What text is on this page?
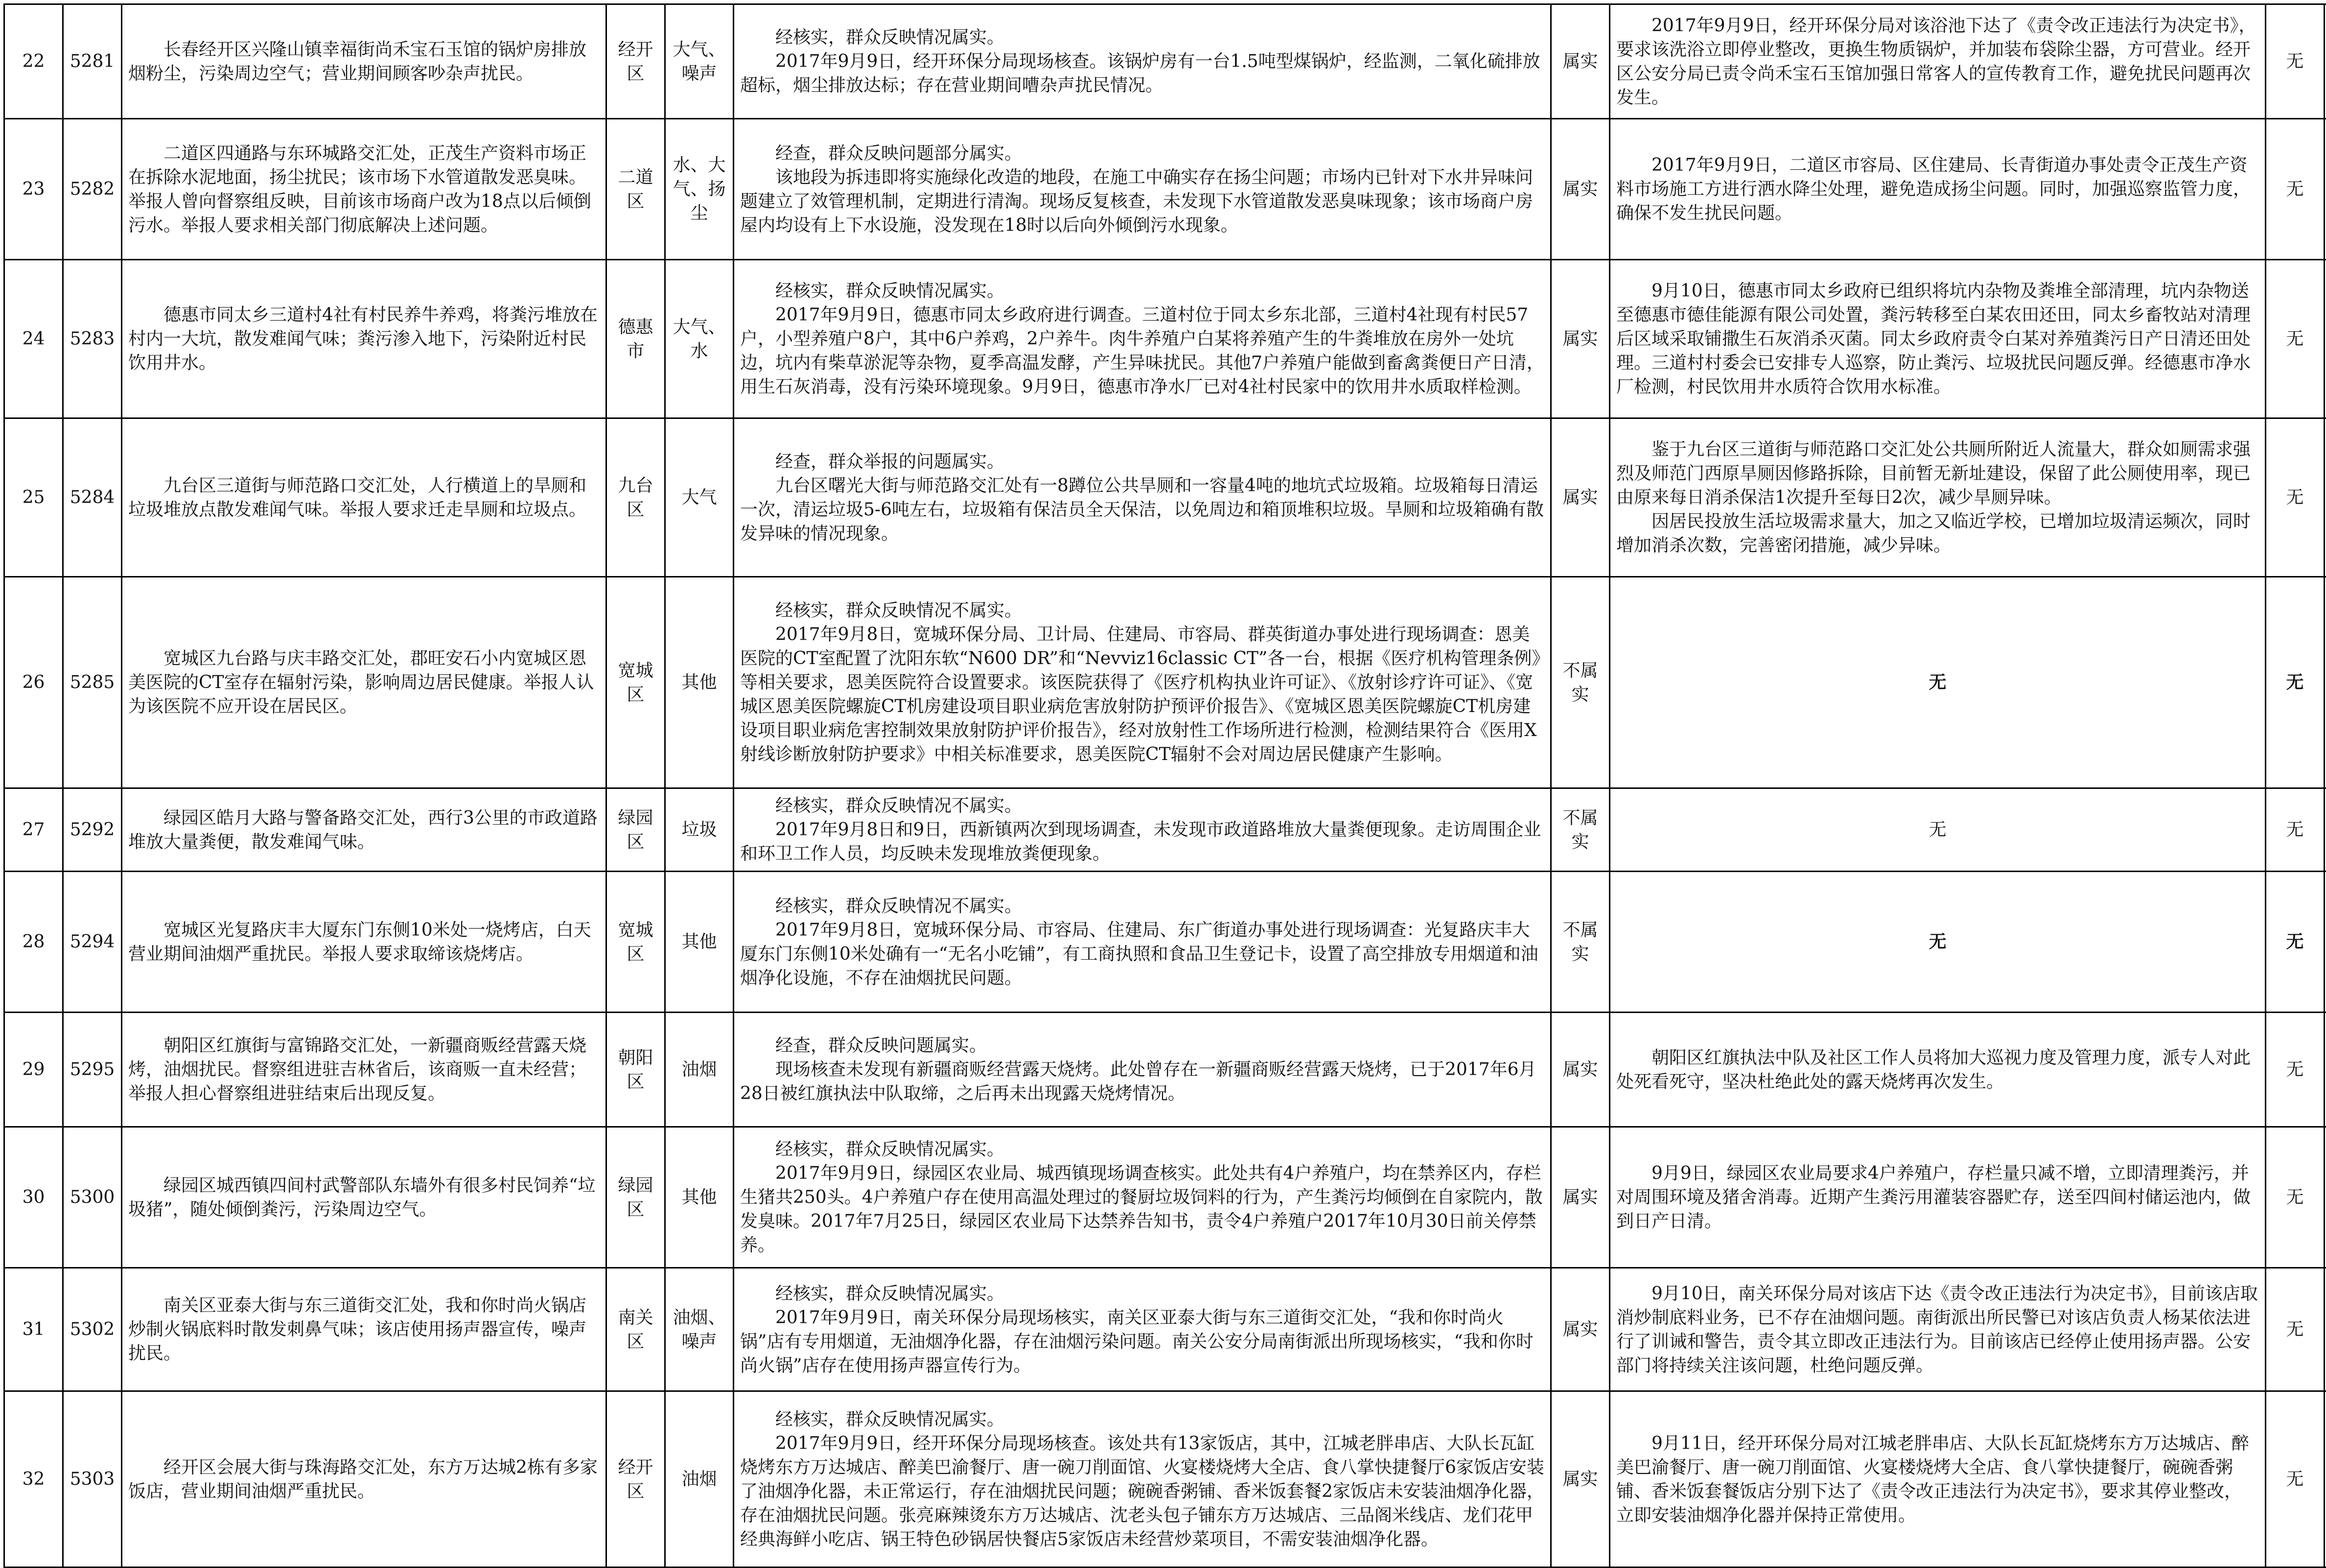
22	5281	长春经开区兴隆山镇幸福街尚禾宝石玉馆的锅炉房排放烟粉尘，污染周边空气；营业期间顾客吵杂声扰民。	经开区	大气、噪声	经核实，群众反映情况属实。
2017年9月9日，经开环保分局现场核查。该锅炉房有一台1.5吨型煤锅炉，经监测，二氧化硫排放超标，烟尘排放达标；存在营业期间嘈杂声扰民情况。	属实	2017年9月9日，经开环保分局对该浴池下达了《责令改正违法行为决定书》，要求该洗浴立即停业整改，更换生物质锅炉，并加装布袋除尘器，方可营业。经开区公安分局已责令尚禾宝石玉馆加强日常客人的宣传教育工作，避免扰民问题再次发生。	无	
23	5282	二道区四通路与东环城路交汇处，正茂生产资料市场正在拆除水泥地面，扬尘扰民；该市场下水管道散发恶臭味。举报人曾向督察组反映，目前该市场商户改为18点以后倾倒污水。举报人要求相关部门彻底解决上述问题。	二道区	水、大气、扬尘	经查，群众反映问题部分属实。
该地段为拆违即将实施绿化改造的地段，在施工中确实存在扬尘问题；市场内已针对下水井异味问题建立了效管理机制，定期进行清淘。现场反复核查，未发现下水管道散发恶臭味现象；该市场商户房屋内均设有上下水设施，没发现在18时以后向外倾倒污水现象。	属实	2017年9月9日，二道区市容局、区住建局、长青街道办事处责令正茂生产资料市场施工方进行洒水降尘处理，避免造成扬尘问题。同时，加强巡察监管力度，确保不发生扰民问题。	无	
24	5283	德惠市同太乡三道村4社有村民养牛养鸡，将粪污堆放在村内一大坑，散发难闻气味；粪污渗入地下，污染附近村民饮用井水。	德惠市	大气、水	经核实，群众反映情况属实。
2017年9月9日，德惠市同太乡政府进行调查。三道村位于同太乡东北部，三道村4社现有村民57户，小型养殖户8户，其中6户养鸡，2户养牛。肉牛养殖户白某将养殖产生的牛粪堆放在房外一处坑边，坑内有柴草淤泥等杂物，夏季高温发酵，产生异味扰民。其他7户养殖户能做到畜禽粪便日产日清，用生石灰消毒，没有污染环境现象。9月9日，德惠市净水厂已对4社村民家中的饮用井水质取样检测。	属实	9月10日，德惠市同太乡政府已组织将坑内杂物及粪堆全部清理，坑内杂物送至德惠市德佳能源有限公司处置，粪污转移至白某农田还田，同太乡畜牧站对清理后区域采取铺撒生石灰消杀灭菌。同太乡政府责令白某对养殖粪污日产日清还田处理。三道村村委会已安排专人巡察，防止粪污、垃圾扰民问题反弹。经德惠市净水厂检测，村民饮用井水质符合饮用水标准。	无	
25	5284	九台区三道街与师范路口交汇处，人行横道上的旱厕和垃圾堆放点散发难闻气味。举报人要求迁走旱厕和垃圾点。	九台区	大气	经查，群众举报的问题属实。
九台区曙光大街与师范路交汇处有一8蹲位公共旱厕和一容量4吨的地坑式垃圾箱。垃圾箱每日清运一次，清运垃圾5-6吨左右，垃圾箱有保洁员全天保洁，以免周边和箱顶堆积垃圾。旱厕和垃圾箱确有散发异味的情况现象。	属实	鉴于九台区三道街与师范路口交汇处公共厕所附近人流量大，群众如厕需求强烈及师范门西原旱厕因修路拆除，目前暂无新址建设，保留了此公厕使用率，现已由原来每日消杀保洁1次提升至每日2次，减少旱厕异味。
因居民投放生活垃圾需求量大，加之又临近学校，已增加垃圾清运频次，同时增加消杀次数，完善密闭措施，减少异味。	无	
26	5285	宽城区九台路与庆丰路交汇处，郡旺安石小内宽城区恩美医院的CT室存在辐射污染，影响周边居民健康。举报人认为该医院不应开设在居民区。	宽城区	其他	经核实，群众反映情况不属实。
2017年9月8日，宽城环保分局、卫计局、住建局、市容局、群英街道办事处进行现场调查：恩美医院的CT室配置了沈阳东软“N600 DR”和“Nevviz16classic CT”各一台，根据《医疗机构管理条例》等相关要求，恩美医院符合设置要求。该医院获得了《医疗机构执业许可证》、《放射诊疗许可证》、《宽城区恩美医院螺旋CT机房建设项目职业病危害放射防护预评价报告》、《宽城区恩美医院螺旋CT机房建设项目职业病危害控制效果放射防护评价报告》，经对放射性工作场所进行检测，检测结果符合《医用X射线诊断放射防护要求》中相关标准要求，恩美医院CT辐射不会对周边居民健康产生影响。	不属实	无	无	
27	5292	绿园区皓月大路与警备路交汇处，西行3公里的市政道路堆放大量粪便，散发难闻气味。	绿园区	垃圾	经核实，群众反映情况不属实。
2017年9月8日和9日，西新镇两次到现场调查，未发现市政道路堆放大量粪便现象。走访周围企业和环卫工作人员，均反映未发现堆放粪便现象。	不属实	无	无	
28	5294	宽城区光复路庆丰大厦东门东侧10米处一烧烤店，白天营业期间油烟严重扰民。举报人要求取缔该烧烤店。	宽城区	其他	经核实，群众反映情况不属实。
2017年9月8日，宽城环保分局、市容局、住建局、东广街道办事处进行现场调查：光复路庆丰大厦东门东侧10米处确有一“无名小吃铺”，有工商执照和食品卫生登记卡，设置了高空排放专用烟道和油烟净化设施，不存在油烟扰民问题。	不属实	无	无	
29	5295	朝阳区红旗街与富锦路交汇处，一新疆商贩经营露天烧烤，油烟扰民。督察组进驻吉林省后，该商贩一直未经营；举报人担心督察组进驻结束后出现反复。	朝阳区	油烟	经查，群众反映问题属实。
现场核查未发现有新疆商贩经营露天烧烤。此处曾存在一新疆商贩经营露天烧烤，已于2017年6月28日被红旗执法中队取缔，之后再未出现露天烧烤情况。	属实	朝阳区红旗执法中队及社区工作人员将加大巡视力度及管理力度，派专人对此处死看死守，坚决杜绝此处的露天烧烤再次发生。	无	
30	5300	绿园区城西镇四间村武警部队东墙外有很多村民饲养“垃圾猪”，随处倾倒粪污，污染周边空气。	绿园区	其他	经核实，群众反映情况属实。
2017年9月9日，绿园区农业局、城西镇现场调查核实。此处共有4户养殖户，均在禁养区内，存栏生猪共250头。4户养殖户存在使用高温处理过的餐厨垃圾饲料的行为，产生粪污均倾倒在自家院内，散发臭味。2017年7月25日，绿园区农业局下达禁养告知书，责令4户养殖户2017年10月30日前关停禁养。	属实	9月9日，绿园区农业局要求4户养殖户，存栏量只减不增，立即清理粪污，并对周围环境及猪舍消毒。近期产生粪污用灌装容器贮存，送至四间村储运池内，做到日产日清。	无	
31	5302	南关区亚泰大街与东三道街交汇处，我和你时尚火锅店炒制火锅底料时散发刺鼻气味；该店使用扬声器宣传，噪声扰民。	南关区	油烟、噪声	经核实，群众反映情况属实。
2017年9月9日，南关环保分局现场核实，南关区亚泰大街与东三道街交汇处，“我和你时尚火锅”店有专用烟道，无油烟净化器，存在油烟污染问题。南关公安分局南街派出所现场核实，“我和你时尚火锅”店存在使用扬声器宣传行为。	属实	9月10日，南关环保分局对该店下达《责令改正违法行为决定书》，目前该店取消炒制底料业务，已不存在油烟问题。南街派出所民警已对该店负责人杨某依法进行了训诫和警告，责令其立即改正违法行为。目前该店已经停止使用扬声器。公安部门将持续关注该问题，杜绝问题反弹。	无	
32	5303	经开区会展大街与珠海路交汇处，东方万达城2栋有多家饭店，营业期间油烟严重扰民。	经开区	油烟	经核实，群众反映情况属实。
2017年9月9日，经开环保分局现场核查。该处共有13家饭店，其中，江城老胖串店、大队长瓦缸烧烤东方万达城店、醉美巴渝餐厅、唐一碗刀削面馆、火宴楼烧烤大全店、食八掌快捷餐厅6家饭店安装了油烟净化器，未正常运行，存在油烟扰民问题；碗碗香粥铺、香米饭套餐2家饭店未安装油烟净化器，存在油烟扰民问题。张亮麻辣烫东方万达城店、沈老头包子铺东方万达城店、三品阁米线店、龙们花甲经典海鲜小吃店、锅王特色砂锅居快餐店5家饭店未经营炒菜项目，不需安装油烟净化器。	属实	9月11日，经开环保分局对江城老胖串店、大队长瓦缸烧烤东方万达城店、醉美巴渝餐厅、唐一碗刀削面馆、火宴楼烧烤大全店、食八掌快捷餐厅，碗碗香粥铺、香米饭套餐饭店分别下达了《责令改正违法行为决定书》，要求其停业整改，立即安装油烟净化器并保持正常使用。	无	
